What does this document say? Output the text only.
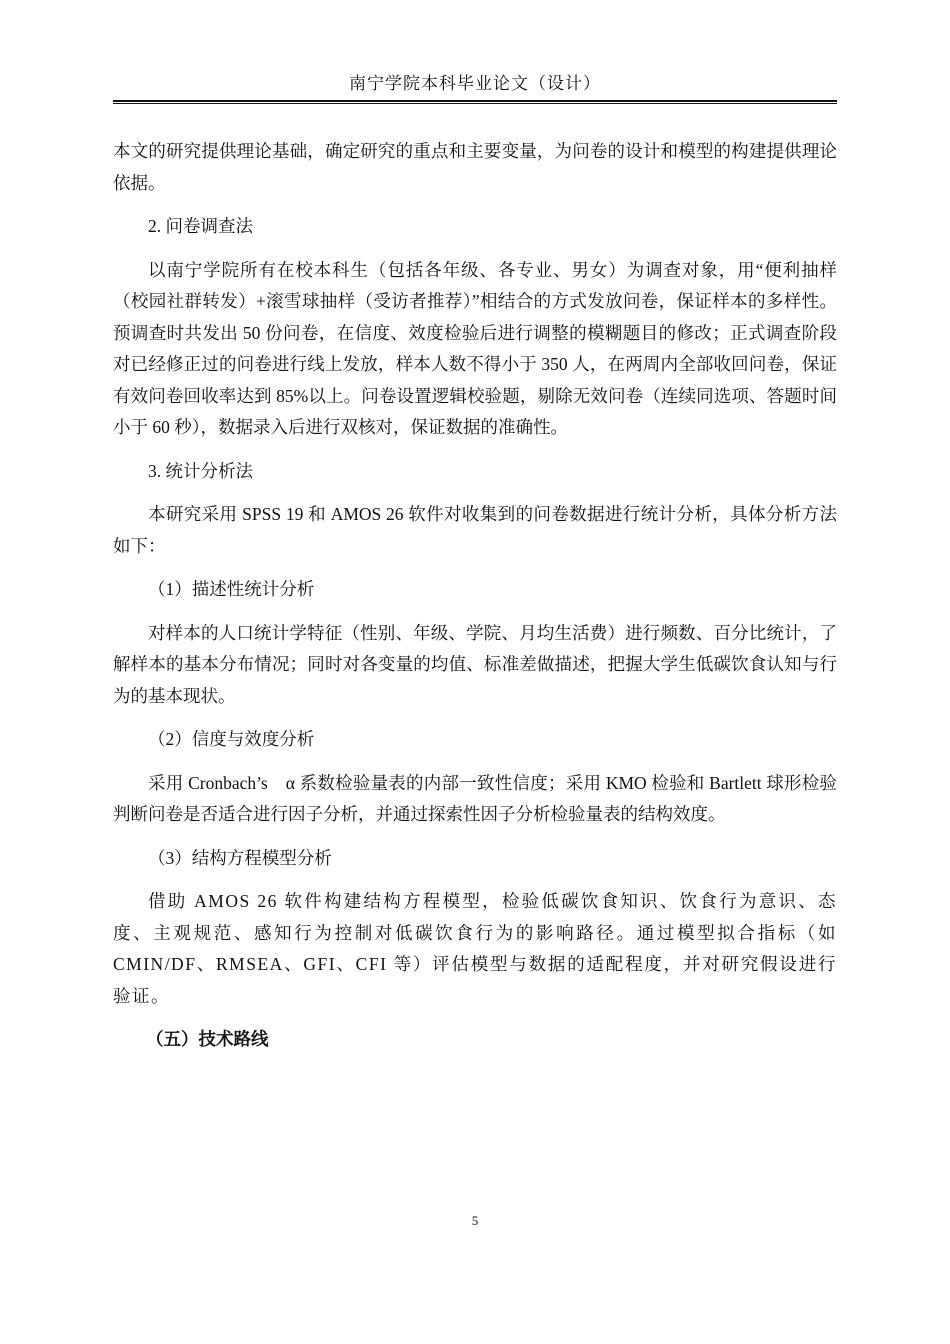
南宁学院本科毕业论文（设计）

本文的研究提供理论基础，确定研究的重点和主要变量，为问卷的设计和模型的构建提供理论依据。

2. 问卷调查法

以南宁学院所有在校本科生（包括各年级、各专业、男女）为调查对象，用“便利抽样（校园社群转发）+滚雪球抽样（受访者推荐）”相结合的方式发放问卷，保证样本的多样性。预调查时共发出 50 份问卷，在信度、效度检验后进行调整的模糊题目的修改；正式调查阶段对已经修正过的问卷进行线上发放，样本人数不得小于 350 人，在两周内全部收回问卷，保证有效问卷回收率达到 85%以上。问卷设置逻辑校验题，剔除无效问卷（连续同选项、答题时间小于 60 秒），数据录入后进行双核对，保证数据的准确性。

3. 统计分析法

本研究采用 SPSS 19 和 AMOS 26 软件对收集到的问卷数据进行统计分析，具体分析方法如下：

（1）描述性统计分析

对样本的人口统计学特征（性别、年级、学院、月均生活费）进行频数、百分比统计，了解样本的基本分布情况；同时对各变量的均值、标准差做描述，把握大学生低碳饮食认知与行为的基本现状。

（2）信度与效度分析

采用 Cronbach’s　α 系数检验量表的内部一致性信度；采用 KMO 检验和 Bartlett 球形检验判断问卷是否适合进行因子分析，并通过探索性因子分析检验量表的结构效度。

（3）结构方程模型分析

借助 AMOS 26 软件构建结构方程模型，检验低碳饮食知识、饮食行为意识、态度、主观规范、感知行为控制对低碳饮食行为的影响路径。通过模型拟合指标（如 CMIN/DF、RMSEA、GFI、CFI 等）评估模型与数据的适配程度，并对研究假设进行验证。

（五）技术路线

5
